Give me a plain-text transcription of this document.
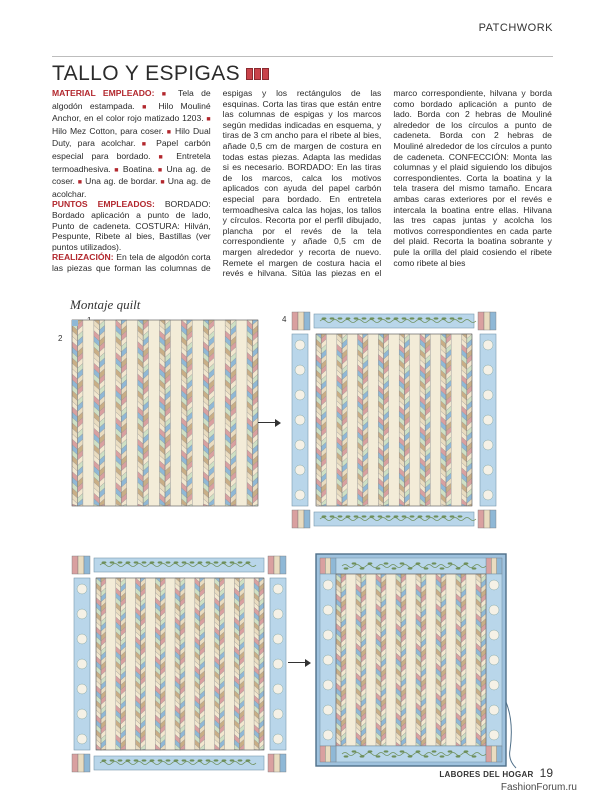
PATCHWORK
TALLO Y ESPIGAS

MATERIAL EMPLEADO: ■ Tela de algodón estampada. ■ Hilo Mouliné Anchor, en el color rojo matizado 1203. ■ Hilo Mez Cotton, para coser. ■ Hilo Dual Duty, para acolchar. ■ Papel carbón especial para bordado. ■ Entretela termoadhesiva. ■ Boatina. ■ Una ag. de coser. ■ Una ag. de bordar. ■ Una ag. de acolchar.

PUNTOS EMPLEADOS: BORDADO: Bordado aplicación a punto de lado, Punto de cadeneta. COSTURA: Hilván, Pespunte, Ribete al bies, Bastillas (ver puntos utilizados).

REALIZACIÓN: En tela de algodón corta las piezas que forman las columnas de espigas y los rectángulos de las esquinas. Corta las tiras que están entre las columnas de espigas y los marcos según medidas indicadas en esquema, y tiras de 3 cm ancho para el ribete al bies, añade 0,5 cm de margen de costura en todas estas piezas. Adapta las medidas si es necesario. BORDADO: En las tiras de los marcos, calca los motivos aplicados con ayuda del papel carbón especial para bordado. En entretela termoadhesiva calca las hojas, los tallos y círculos. Recorta por el perfil dibujado, plancha por el revés de la tela correspondiente y añade 0,5 cm de margen alrededor y recorta de nuevo. Remete el margen de costura hacia el revés e hilvana. Sitúa las piezas en el marco correspondiente, hilvana y borda como bordado aplicación a punto de lado. Borda con 2 hebras de Mouliné alrededor de los círculos a punto de cadeneta. Borda con 2 hebras de Mouliné alrededor de los círculos a punto de cadeneta. CONFECCIÓN: Monta las columnas y el plaid siguiendo los dibujos correspondientes. Corta la boatina y la tela trasera del mismo tamaño. Encara ambas caras exteriores por el revés e intercala la boatina entre ellas. Hilvana las tres capas juntas y acolcha los motivos correspondientes en cada parte del plaid. Recorta la boatina sobrante y pule la orilla del plaid cosiendo el ribete como ribete al bies

Montaje quilt
2
4
LABORES DEL HOGAR 19
FashionForum.ru
